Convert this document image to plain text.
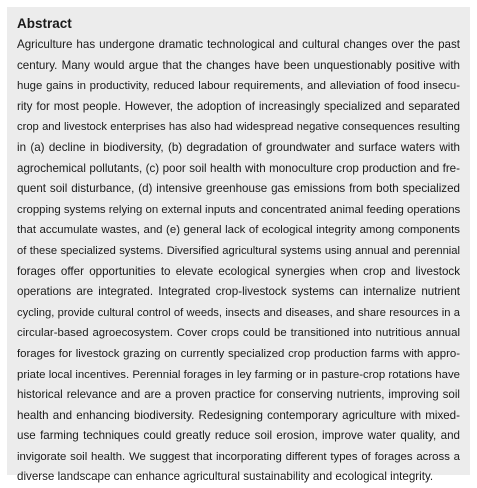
Abstract
Agriculture has undergone dramatic technological and cultural changes over the past
century. Many would argue that the changes have been unquestionably positive with
huge gains in productivity, reduced labour requirements, and alleviation of food insecu-
rity for most people. However, the adoption of increasingly specialized and separated
crop and livestock enterprises has also had widespread negative consequences resulting
in (a) decline in biodiversity, (b) degradation of groundwater and surface waters with
agrochemical pollutants, (c) poor soil health with monoculture crop production and fre-
quent soil disturbance, (d) intensive greenhouse gas emissions from both specialized
cropping systems relying on external inputs and concentrated animal feeding operations
that accumulate wastes, and (e) general lack of ecological integrity among components
of these specialized systems. Diversified agricultural systems using annual and perennial
forages offer opportunities to elevate ecological synergies when crop and livestock
operations are integrated. Integrated crop-livestock systems can internalize nutrient
cycling, provide cultural control of weeds, insects and diseases, and share resources in a
circular-based agroecosystem. Cover crops could be transitioned into nutritious annual
forages for livestock grazing on currently specialized crop production farms with appro-
priate local incentives. Perennial forages in ley farming or in pasture-crop rotations have
historical relevance and are a proven practice for conserving nutrients, improving soil
health and enhancing biodiversity. Redesigning contemporary agriculture with mixed-
use farming techniques could greatly reduce soil erosion, improve water quality, and
invigorate soil health. We suggest that incorporating different types of forages across a
diverse landscape can enhance agricultural sustainability and ecological integrity.
